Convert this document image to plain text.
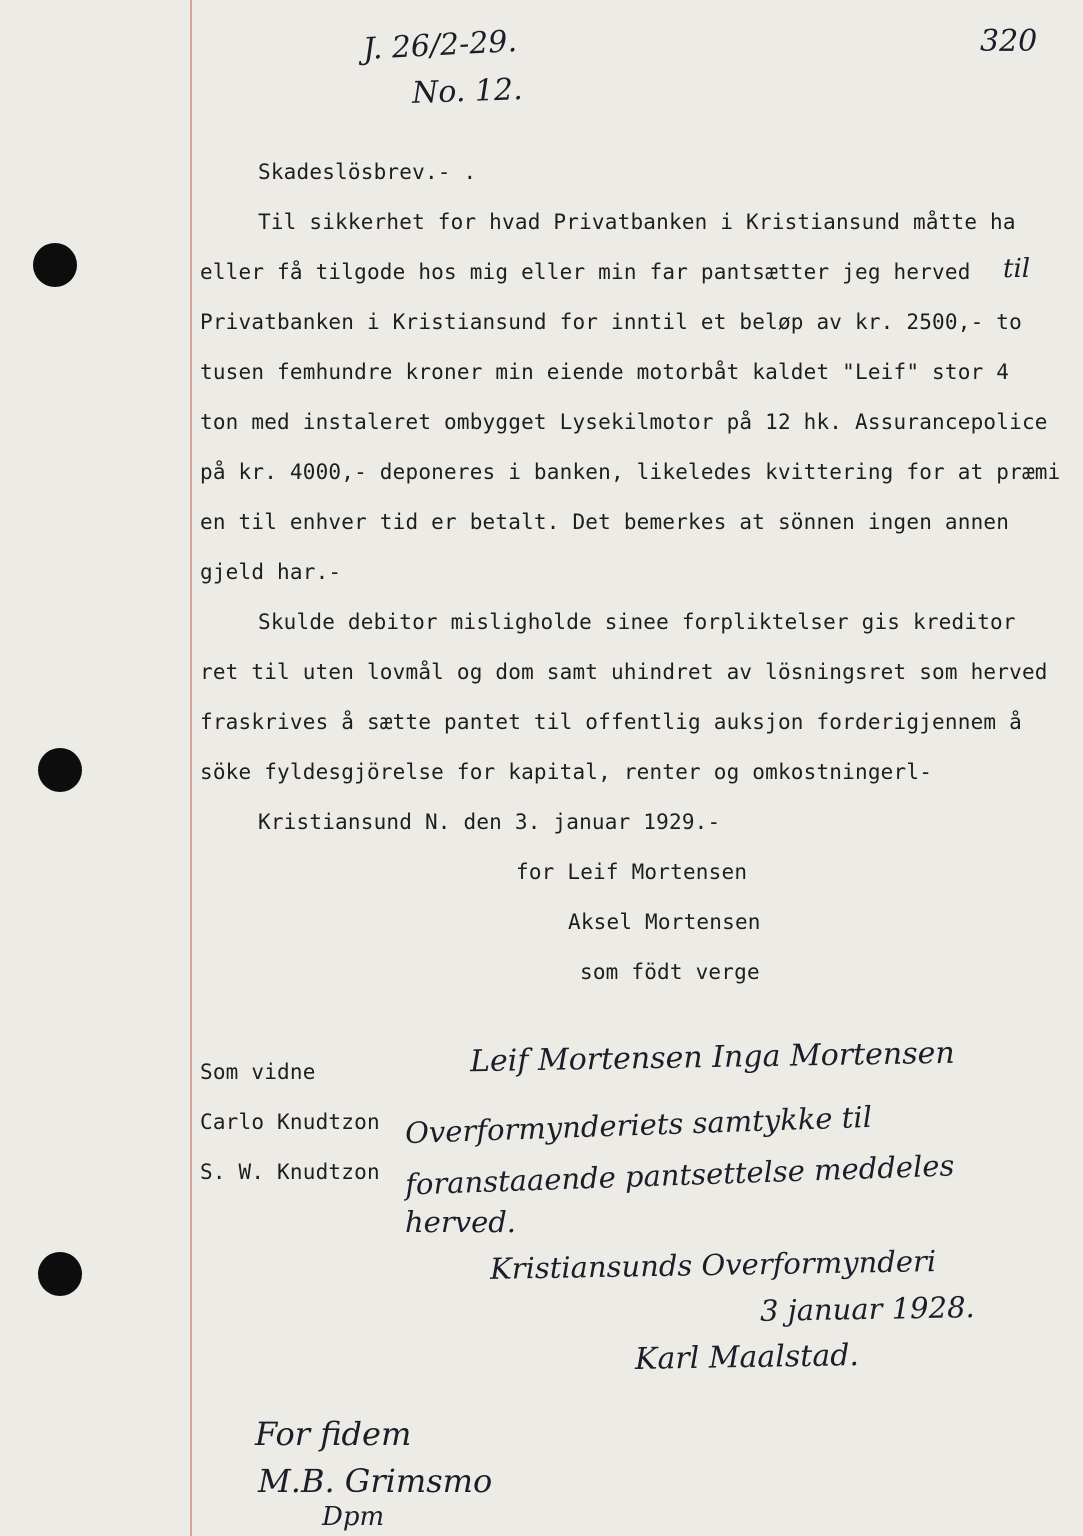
J. 26/2-29.
No. 12.
320
Skadeslösbrev.- .
Til sikkerhet for hvad Privatbanken i Kristiansund måtte ha
eller få tilgode hos mig eller min far pantsætter jeg herved til
Privatbanken i Kristiansund for inntil et beløp av kr. 2500,- to
tusen femhundre kroner min eiende motorbåt kaldet "Leif" stor 4
ton med instaleret ombygget Lysekilmotor på 12 hk. Assurancepolice
på kr. 4000,- deponeres i banken, likeledes kvittering for at præmi
en til enhver tid er betalt. Det bemerkes at sönnen ingen annen
gjeld har.-
Skulde debitor misligholde sinee forpliktelser gis kreditor
ret til uten lovmål og dom samt uhindret av lösningsret som herved
fraskrives å sætte pantet til offentlig auksjon forderigjennem å
söke fyldesgjörelse for kapital, renter og omkostningerl-
Kristiansund N. den 3. januar 1929.-
for Leif Mortensen
Aksel Mortensen
som födt verge
Som vidne
Carlo Knudtzon
S. W. Knudtzon
Leif Mortensen Inga Mortensen
Overformynderiets samtykke til
foranstaaende pantsettelse meddeles
herved.
Kristiansunds Overformynderi
3 januar 1928.
Karl Maalstad.
For fidem
M.B. Grimsmo
Dpm
